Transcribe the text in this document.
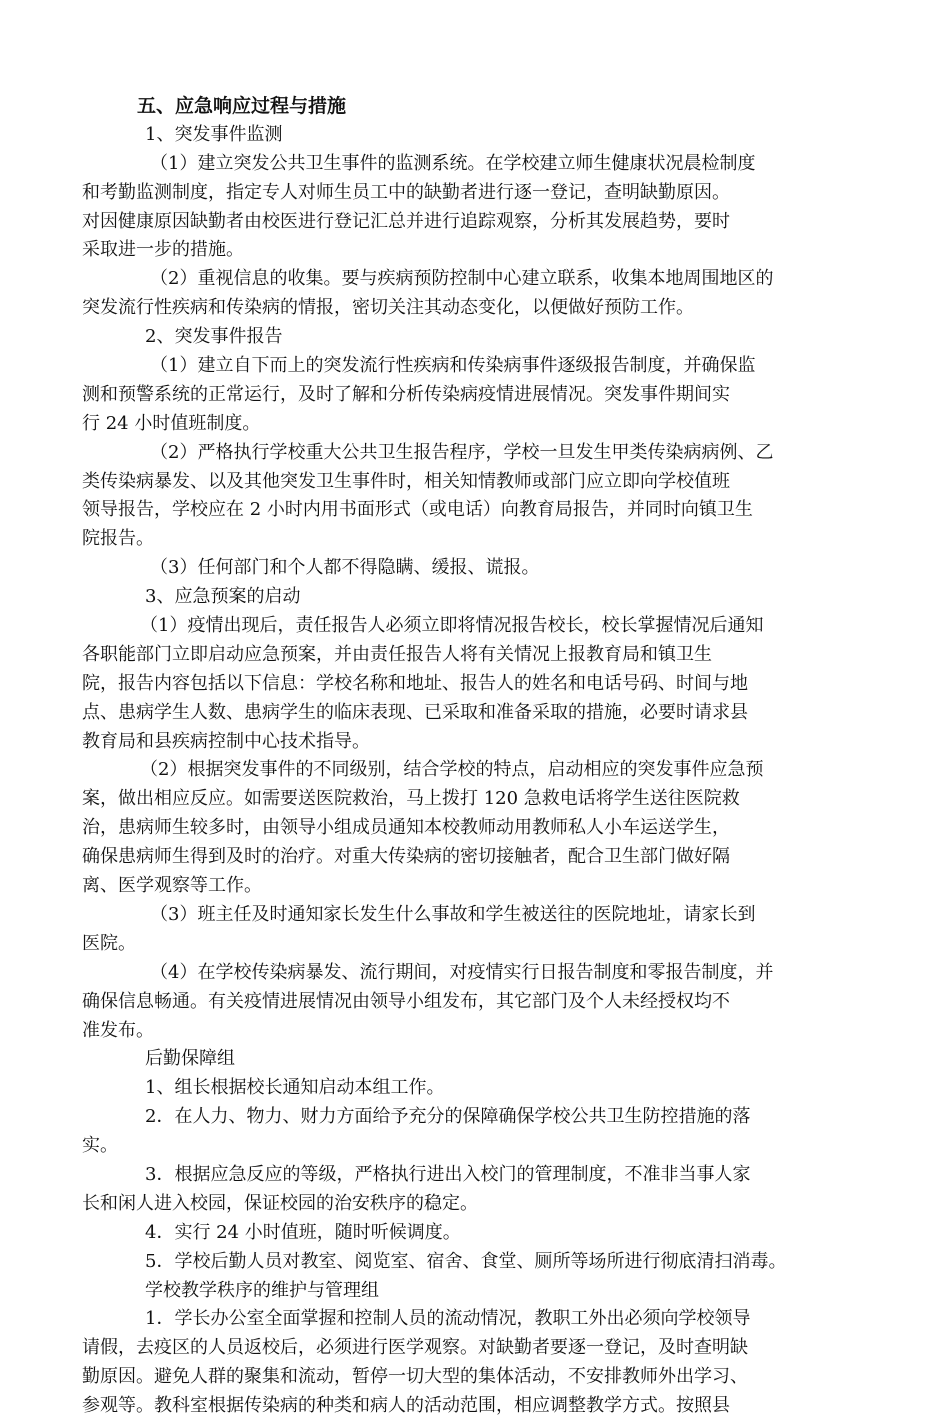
五、应急响应过程与措施
1、突发事件监测
（1）建立突发公共卫生事件的监测系统。在学校建立师生健康状况晨检制度
和考勤监测制度，指定专人对师生员工中的缺勤者进行逐一登记，查明缺勤原因。
对因健康原因缺勤者由校医进行登记汇总并进行追踪观察，分析其发展趋势，要时
采取进一步的措施。
（2）重视信息的收集。要与疾病预防控制中心建立联系，收集本地周围地区的
突发流行性疾病和传染病的情报，密切关注其动态变化，以便做好预防工作。
2、突发事件报告
（1）建立自下而上的突发流行性疾病和传染病事件逐级报告制度，并确保监
测和预警系统的正常运行，及时了解和分析传染病疫情进展情况。突发事件期间实
行 24 小时值班制度。
（2）严格执行学校重大公共卫生报告程序，学校一旦发生甲类传染病病例、乙
类传染病暴发、以及其他突发卫生事件时，相关知情教师或部门应立即向学校值班
领导报告，学校应在 2 小时内用书面形式（或电话）向教育局报告，并同时向镇卫生
院报告。
（3）任何部门和个人都不得隐瞒、缓报、谎报。
3、应急预案的启动
（1）疫情出现后，责任报告人必须立即将情况报告校长，校长掌握情况后通知
各职能部门立即启动应急预案，并由责任报告人将有关情况上报教育局和镇卫生
院，报告内容包括以下信息：学校名称和地址、报告人的姓名和电话号码、时间与地
点、患病学生人数、患病学生的临床表现、已采取和准备采取的措施，必要时请求县
教育局和县疾病控制中心技术指导。
（2）根据突发事件的不同级别，结合学校的特点，启动相应的突发事件应急预
案，做出相应反应。如需要送医院救治，马上拨打 120 急救电话将学生送往医院救
治，患病师生较多时，由领导小组成员通知本校教师动用教师私人小车运送学生，
确保患病师生得到及时的治疗。对重大传染病的密切接触者，配合卫生部门做好隔
离、医学观察等工作。
（3）班主任及时通知家长发生什么事故和学生被送往的医院地址，请家长到
医院。
（4）在学校传染病暴发、流行期间，对疫情实行日报告制度和零报告制度，并
确保信息畅通。有关疫情进展情况由领导小组发布，其它部门及个人未经授权均不
准发布。
后勤保障组
1、组长根据校长通知启动本组工作。
2．在人力、物力、财力方面给予充分的保障确保学校公共卫生防控措施的落
实。
3．根据应急反应的等级，严格执行进出入校门的管理制度，不准非当事人家
长和闲人进入校园，保证校园的治安秩序的稳定。
4．实行 24 小时值班，随时听候调度。
5．学校后勤人员对教室、阅览室、宿舍、食堂、厕所等场所进行彻底清扫消毒。
学校教学秩序的维护与管理组
1．学长办公室全面掌握和控制人员的流动情况，教职工外出必须向学校领导
请假，去疫区的人员返校后，必须进行医学观察。对缺勤者要逐一登记，及时查明缺
勤原因。避免人群的聚集和流动，暂停一切大型的集体活动，不安排教师外出学习、
参观等。教科室根据传染病的种类和病人的活动范围，相应调整教学方式。按照县
